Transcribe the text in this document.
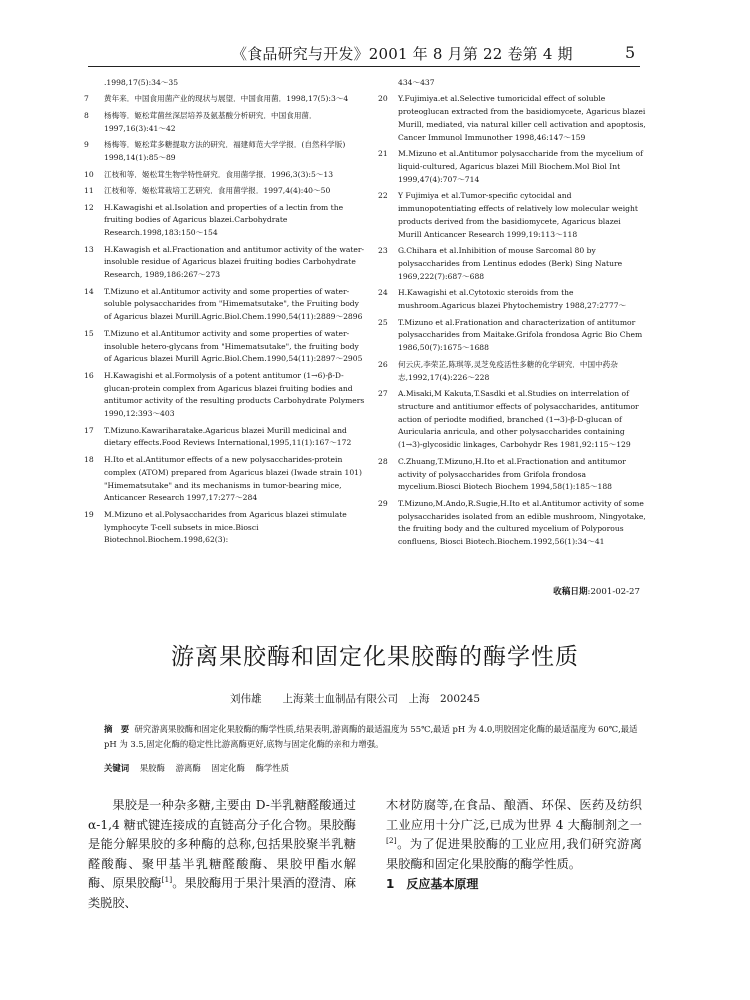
《食品研究与开发》2001 年 8 月第 22 卷第 4 期	5
.1998,17(5):34～35
7	黄年来．中国食用菌产业的现状与展望．中国食用菌．1998,17(5):3～4
8	杨梅等．姬松茸菌丝深层培养及氨基酸分析研究．中国食用菌．1997,16(3):41～42
9	杨梅等．姬松茸多糖提取方法的研究．福建师范大学学报．(自然科学版) 1998,14(1):85～89
10	江枝和等．姬松茸生物学特性研究．食用菌学报．1996,3(3):5～13
11	江枝和等．姬松茸栽培工艺研究．食用菌学报．1997,4(4):40～50
12	H.Kawagishi et al.Isolation and properties of a lectin from the fruiting bodies of Agaricus blazei.Carbohydrate Research.1998,183:150～154
13	H.Kawagish et al.Fractionation and antitumor activity of the water-insoluble residue of Agaricus blazei fruiting bodies Carbohydrate Research, 1989,186:267～273
14	T.Mizuno et al.Antitumor activity and some properties of water-soluble polysaccharides from "Himematsutake", the Fruiting body of Agaricus blazei Murill.Agric.Biol.Chem.1990,54(11):2889～2896
15	T.Mizuno et al.Antitumor activity and some properties of water-insoluble hetero-glycans from "Himematsutake", the fruiting body of Agaricus blazei Murill Agric.Biol.Chem.1990,54(11):2897～2905
16	H.Kawagishi et al.Formolysis of a potent antitumor (1→6)-β-D-glucan-protein complex from Agaricus blazei fruiting bodies and antitumor activity of the resulting products Carbohydrate Polymers 1990,12:393～403
17	T.Mizuno.Kawariharatake.Agaricus blazei Murill medicinal and dietary effects.Food Reviews International,1995,11(1):167～172
18	H.Ito et al.Antitumor effects of a new polysaccharides-protein complex (ATOM) prepared from Agaricus blazei (Iwade strain 101) "Himematsutake" and its mechanisms in tumor-bearing mice, Anticancer Research 1997,17:277～284
19	M.Mizuno et al.Polysaccharides from Agaricus blazei stimulate lymphocyte T-cell subsets in mice.Biosci Biotechnol.Biochem.1998,62(3):
434～437
20	Y.Fujimiya.et al.Selective tumoricidal effect of soluble proteoglucan extracted from the basidiomycete, Agaricus blazei Murill, mediated, via natural killer cell activation and apoptosis, Cancer Immunol Immunother 1998,46:147～159
21	M.Mizuno et al.Antitumor polysaccharide from the mycelium of liquid-cultured, Agaricus blazei Mill Biochem.Mol Biol Int 1999,47(4):707～714
22	Y Fujimiya et al.Tumor-specific cytocidal and immunopotentiating effects of relatively low molecular weight products derived from the basidiomycete, Agaricus blazei Murill Anticancer Research 1999,19:113～118
23	G.Chihara et al.Inhibition of mouse Sarcomal 80 by polysaccharides from Lentinus edodes (Berk) Sing Nature 1969,222(7):687～688
24	H.Kawagishi et al.Cytotoxic steroids from the mushroom.Agaricus blazei Phytochemistry 1988,27:2777～
25	T.Mizuno et al.Frationation and characterization of antitumor polysaccharides from Maitake.Grifola frondosa Agric Bio Chem 1986,50(7):1675～1688
26	何云庆,李荣芷,陈琪等,灵芝免疫活性多糖的化学研究．中国中药杂志,1992,17(4):226～228
27	A.Misaki,M Kakuta,T.Sasdki et al.Studies on interrelation of structure and antitiumor effects of polysaccharides, antitumor action of periodte modified, branched (1→3)-β-D-glucan of Auricularia anricula, and other polysaccharides containing (1→3)-glycosidic linkages, Carbohydr Res 1981,92:115～129
28	C.Zhuang,T.Mizuno,H.Ito et al.Fractionation and antitumor activity of polysaccharides from Grifola frondosa mycelium.Biosci Biotech Biochem 1994,58(1):185～188
29	T.Mizuno,M.Ando,R.Sugie,H.Ito et al.Antitumor activity of some polysaccharides isolated from an edible mushroom, Ningyotake, the fruiting body and the cultured mycelium of Polyporous confluens, Biosci Biotech.Biochem.1992,56(1):34～41
收稿日期:2001-02-27
游离果胶酶和固定化果胶酶的酶学性质
刘伟雄　　上海莱士血制品有限公司　上海　200245
摘　要 研究游离果胶酶和固定化果胶酶的酶学性质,结果表明,游离酶的最适温度为 55℃,最适 pH 为 4.0,明胶固定化酶的最适温度为 60℃,最适 pH 为 3.5,固定化酶的稳定性比游离酶更好,底物与固定化酶的亲和力增强。
关键词 果胶酶 游离酶 固定化酶 酶学性质

果胶是一种杂多糖,主要由 D-半乳糖醛酸通过 α-1,4 糖甙键连接成的直链高分子化合物。果胶酶是能分解果胶的多种酶的总称,包括果胶聚半乳糖醛酸酶、聚甲基半乳糖醛酸酶、果胶甲酯水解酶、原果胶酶[1]。果胶酶用于果汁果酒的澄清、麻类脱胶、

木材防腐等,在食品、酿酒、环保、医药及纺织工业应用十分广泛,已成为世界 4 大酶制剂之一[2]。为了促进果胶酶的工业应用,我们研究游离果胶酶和固定化果胶酶的酶学性质。

1　反应基本原理
